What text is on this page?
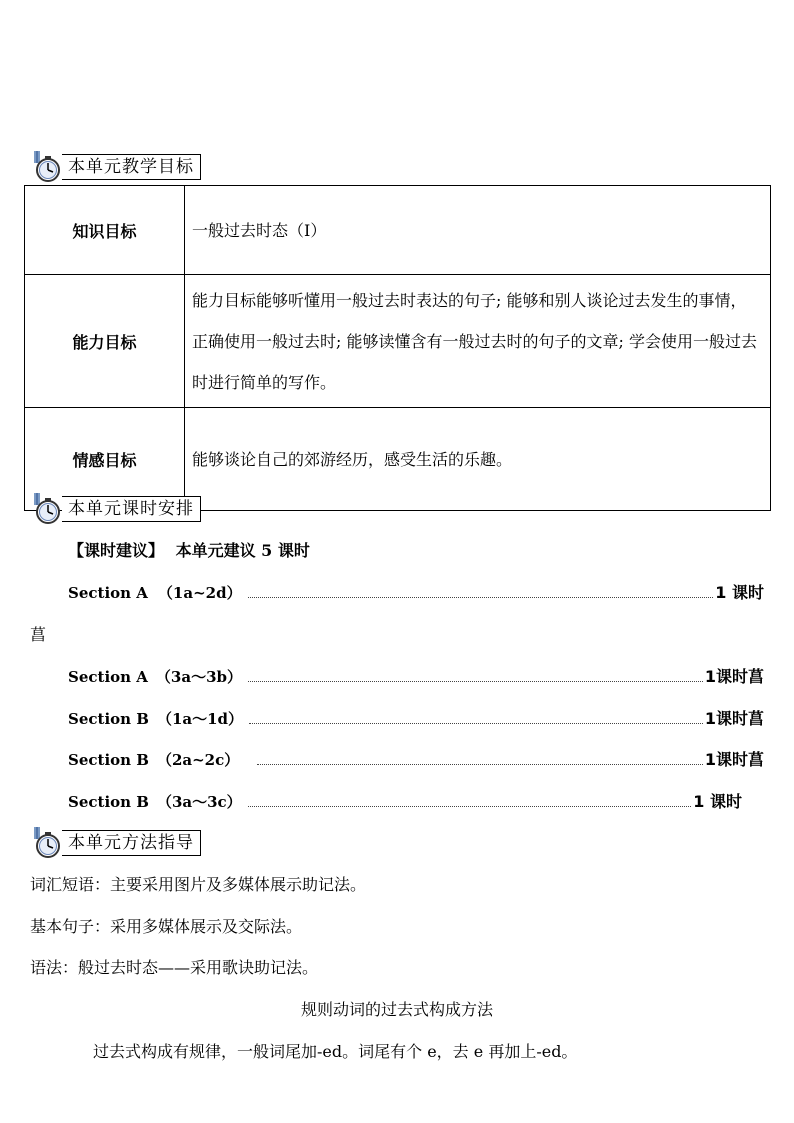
本单元教学目标
知识目标	一般过去时态（Ⅰ）
能力目标	能力目标能够听懂用一般过去时表达的句子; 能够和别人谈论过去发生的事情，正确使用一般过去时; 能够读懂含有一般过去时的句子的文章; 学会使用一般过去时进行简单的写作。
情感目标	能够谈论自己的郊游经历，感受生活的乐趣。
本单元课时安排
【课时建议】 本单元建议 5 课时
Section A （1a~2d）	1 课时
菖
Section A （3a～3b）	1课时菖
Section B （1a～1d）	1课时菖
Section B （2a~2c）	1课时菖
Section B （3a～3c）	1 课时
本单元方法指导
词汇短语：主要采用图片及多媒体展示助记法。
基本句子：采用多媒体展示及交际法。
语法：般过去时态——采用歌诀助记法。
规则动词的过去式构成方法
过去式构成有规律，一般词尾加-ed。词尾有个 e，去 e 再加上-ed。
